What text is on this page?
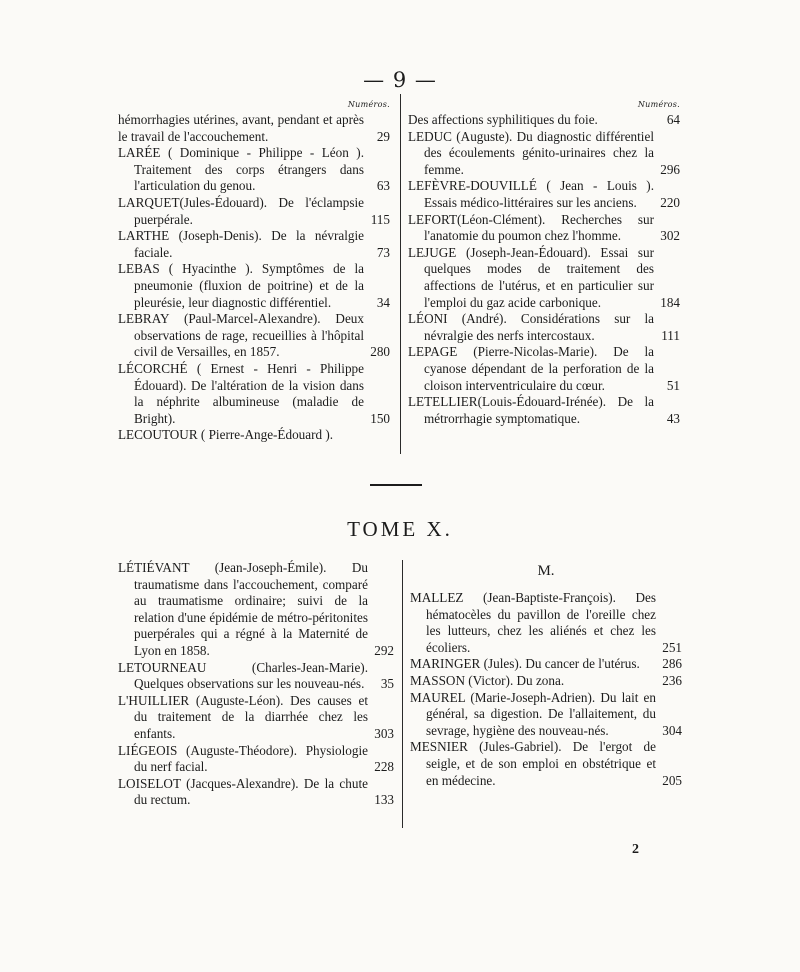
— 9 —
Numéros.
hémorrhagies utérines, avant, pendant et après le travail de l'accouchement.	29
LARÉE ( Dominique - Philippe - Léon ). Traitement des corps étrangers dans l'articulation du genou.	63
LARQUET(Jules-Édouard). De l'éclampsie puerpérale.	115
LARTHE (Joseph-Denis). De la névralgie faciale.	73
LEBAS ( Hyacinthe ). Symptômes de la pneumonie (fluxion de poitrine) et de la pleurésie, leur diagnostic différentiel.	34
LEBRAY (Paul-Marcel-Alexandre). Deux observations de rage, recueillies à l'hôpital civil de Versailles, en 1857.	280
LÉCORCHÉ ( Ernest - Henri - Philippe Édouard). De l'altération de la vision dans la néphrite albumineuse (maladie de Bright).	150
LECOUTOUR ( Pierre-Ange-Édouard ).
Numéros.
Des affections syphilitiques du foie.	64
LEDUC (Auguste). Du diagnostic différentiel des écoulements génito-urinaires chez la femme.	296
LEFÈVRE-DOUVILLÉ ( Jean - Louis ). Essais médico-littéraires sur les anciens. 220
LEFORT(Léon-Clément). Recherches sur l'anatomie du poumon chez l'homme.	302
LEJUGE (Joseph-Jean-Édouard). Essai sur quelques modes de traitement des affections de l'utérus, et en particulier sur l'emploi du gaz acide carbonique.	184
LÉONI (André). Considérations sur la névralgie des nerfs intercostaux.	111
LEPAGE (Pierre-Nicolas-Marie). De la cyanose dépendant de la perforation de la cloison interventriculaire du cœur.	51
LETELLIER(Louis-Édouard-Irénée). De la métrorrhagie symptomatique.	43
TOME X.
LÉTIÉVANT (Jean-Joseph-Émile). Du traumatisme dans l'accouchement, comparé au traumatisme ordinaire; suivi de la relation d'une épidémie de métro-péritonites puerpérales qui a régné à la Maternité de Lyon en 1858.	292
LETOURNEAU (Charles-Jean-Marie). Quelques observations sur les nouveau-nés. 35
L'HUILLIER (Auguste-Léon). Des causes et du traitement de la diarrhée chez les enfants.	303
LIÉGEOIS (Auguste-Théodore). Physiologie du nerf facial.	228
LOISELOT (Jacques-Alexandre). De la chute du rectum.	133
M.
MALLEZ (Jean-Baptiste-François). Des hématocèles du pavillon de l'oreille chez les lutteurs, chez les aliénés et chez les écoliers.	251
MARINGER (Jules). Du cancer de l'utérus. 286
MASSON (Victor). Du zona.	236
MAUREL (Marie-Joseph-Adrien). Du lait en général, sa digestion. De l'allaitement, du sevrage, hygiène des nouveau-nés.	304
MESNIER (Jules-Gabriel). De l'ergot de seigle, et de son emploi en obstétrique et en médecine.	205
2
